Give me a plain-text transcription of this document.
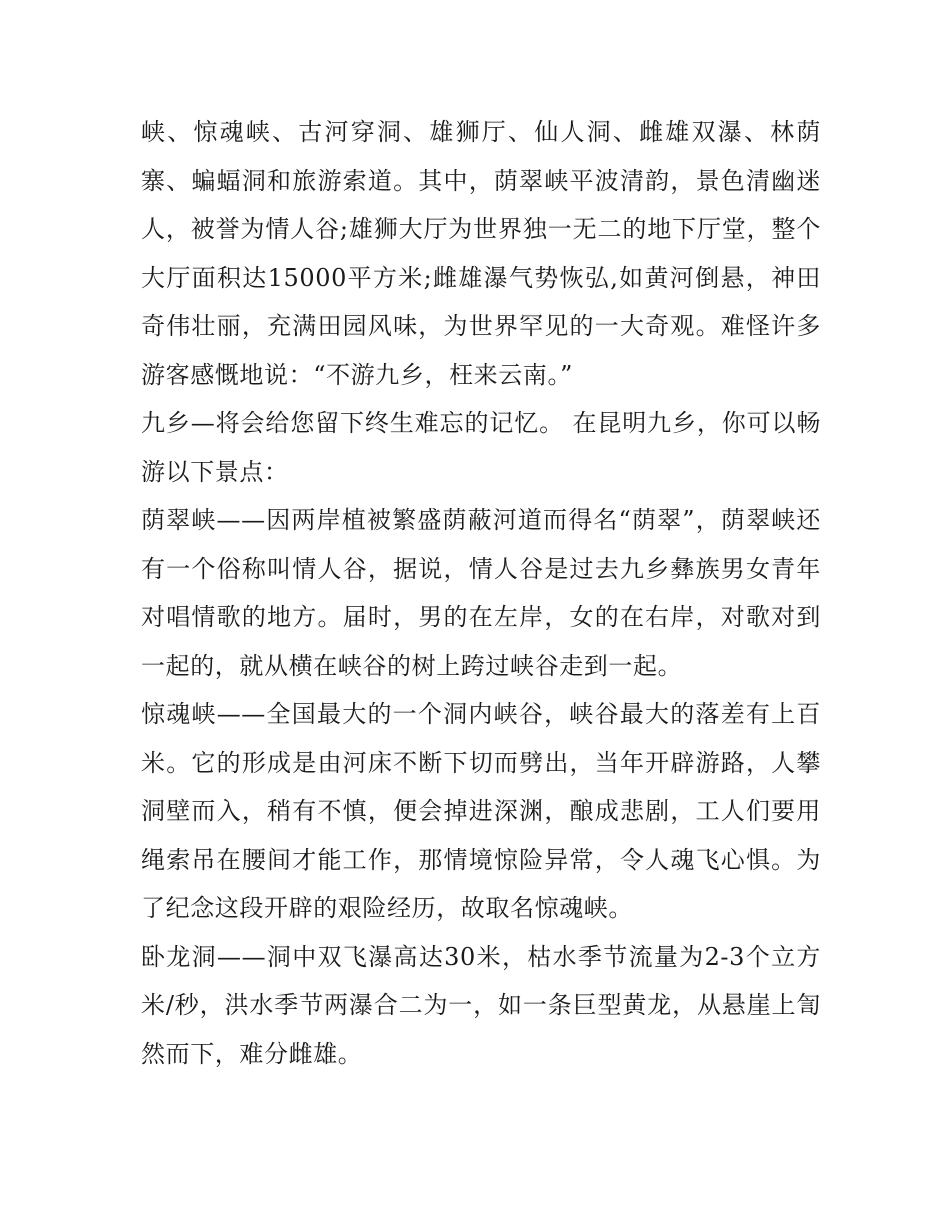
峡、惊魂峡、古河穿洞、雄狮厅、仙人洞、雌雄双瀑、林荫寨、蝙蝠洞和旅游索道。其中，荫翠峡平波清韵，景色清幽迷人，被誉为情人谷;雄狮大厅为世界独一无二的地下厅堂，整个大厅面积达15000平方米;雌雄瀑气势恢弘,如黄河倒悬，神田奇伟壮丽，充满田园风味，为世界罕见的一大奇观。难怪许多游客感慨地说：“不游九乡，枉来云南。”

九乡—将会给您留下终生难忘的记忆。 在昆明九乡，你可以畅游以下景点：

荫翠峡——因两岸植被繁盛荫蔽河道而得名“荫翠”，荫翠峡还有一个俗称叫情人谷，据说，情人谷是过去九乡彝族男女青年对唱情歌的地方。届时，男的在左岸，女的在右岸，对歌对到一起的，就从横在峡谷的树上跨过峡谷走到一起。

惊魂峡——全国最大的一个洞内峡谷，峡谷最大的落差有上百米。它的形成是由河床不断下切而劈出，当年开辟游路，人攀洞壁而入，稍有不慎，便会掉进深渊，酿成悲剧，工人们要用绳索吊在腰间才能工作，那情境惊险异常，令人魂飞心惧。为了纪念这段开辟的艰险经历，故取名惊魂峡。

卧龙洞——洞中双飞瀑高达30米，枯水季节流量为2-3个立方米/秒，洪水季节两瀑合二为一，如一条巨型黄龙，从悬崖上訇然而下，难分雌雄。
